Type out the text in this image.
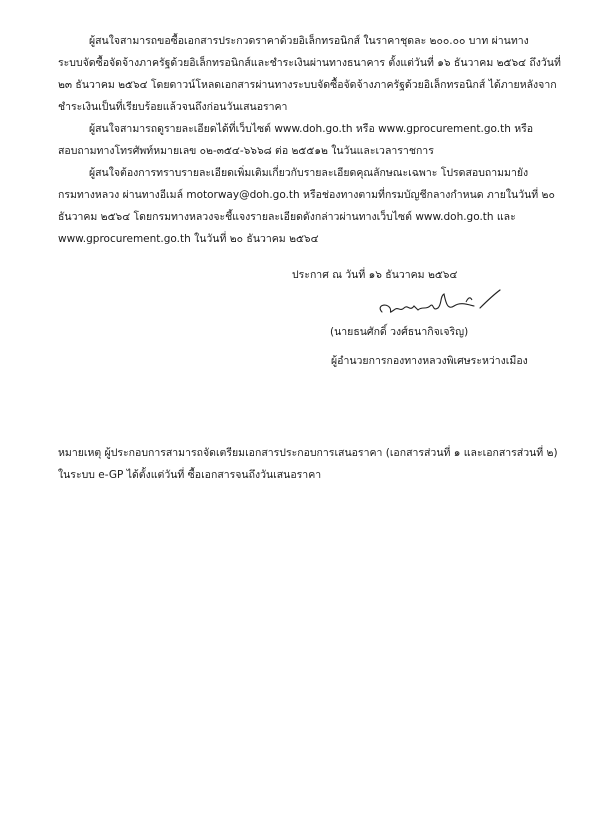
ผู้สนใจสามารถขอซื้อเอกสารประกวดราคาด้วยอิเล็กทรอนิกส์ ในราคาชุดละ ๒๐๐.๐๐ บาท ผ่านทาง
ระบบจัดซื้อจัดจ้างภาครัฐด้วยอิเล็กทรอนิกส์และชำระเงินผ่านทางธนาคาร ตั้งแต่วันที่ ๑๖ ธันวาคม ๒๕๖๔ ถึงวันที่
๒๓ ธันวาคม ๒๕๖๔ โดยดาวน์โหลดเอกสารผ่านทางระบบจัดซื้อจัดจ้างภาครัฐด้วยอิเล็กทรอนิกส์ ได้ภายหลังจาก
ชำระเงินเป็นที่เรียบร้อยแล้วจนถึงก่อนวันเสนอราคา

ผู้สนใจสามารถดูรายละเอียดได้ที่เว็บไซต์ www.doh.go.th หรือ www.gprocurement.go.th หรือ
สอบถามทางโทรศัพท์หมายเลข ๐๒-๓๕๔-๖๖๖๘ ต่อ ๒๕๕๑๒ ในวันและเวลาราชการ

ผู้สนใจต้องการทราบรายละเอียดเพิ่มเติมเกี่ยวกับรายละเอียดคุณลักษณะเฉพาะ โปรดสอบถามมายัง
กรมทางหลวง ผ่านทางอีเมล์ motorway@doh.go.th หรือช่องทางตามที่กรมบัญชีกลางกำหนด ภายในวันที่ ๒๐
ธันวาคม ๒๕๖๔ โดยกรมทางหลวงจะชี้แจงรายละเอียดดังกล่าวผ่านทางเว็บไซต์ www.doh.go.th และ
www.gprocurement.go.th ในวันที่ ๒๐ ธันวาคม ๒๕๖๔

ประกาศ ณ วันที่ ๑๖ ธันวาคม ๒๕๖๔
(นายธนศักดิ์ วงศ์ธนากิจเจริญ)
ผู้อำนวยการกองทางหลวงพิเศษระหว่างเมือง

หมายเหตุ ผู้ประกอบการสามารถจัดเตรียมเอกสารประกอบการเสนอราคา (เอกสารส่วนที่ ๑ และเอกสารส่วนที่ ๒)
ในระบบ e-GP ได้ตั้งแต่วันที่ ซื้อเอกสารจนถึงวันเสนอราคา
